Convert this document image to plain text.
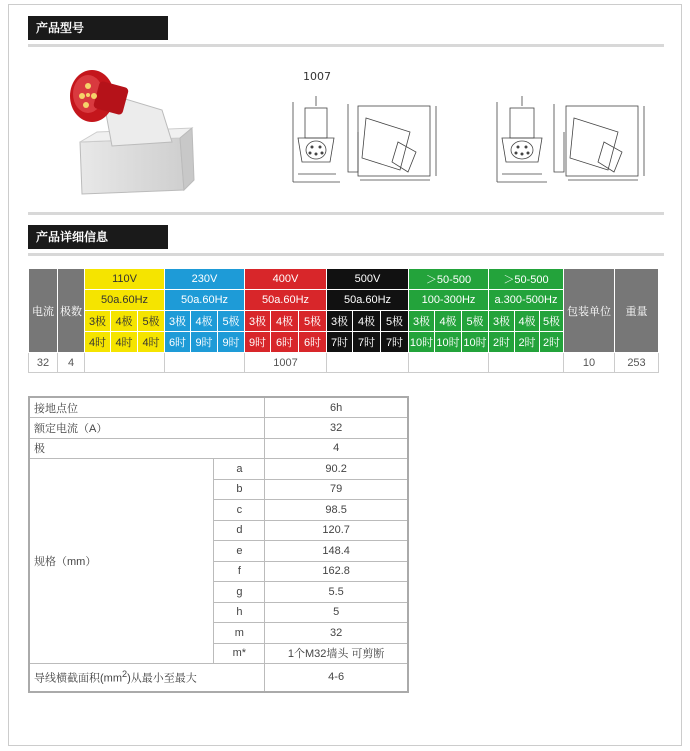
产品型号
1007
产品详细信息
电流	极数	110V			230V			400V			500V			＞50-500			＞50-500			包装单位	重量
		50a.60Hz			50a.60Hz			50a.60Hz			50a.60Hz			100-300Hz			a.300-500Hz				
		3极	4极	5极	3极	4极	5极	3极	4极	5极	3极	4极	5极	3极	4极	5极	3极	4极	5极		
		4时	4时	4时	6时	9时	9时	9时	6时	6时	7时	7时	7时	10时	10时	10时	2时	2时	2时		
32	4							1007												10	253
接地点位		6h
额定电流（A）		32
极		4
规格（mm）	a	90.2
	b	79
	c	98.5
	d	120.7
	e	148.4
	f	162.8
	g	5.5
	h	5
	m	32
	m*	1个M32墙头 可剪断
导线横截面积$(mm^2)$从最小至最大		4-6
